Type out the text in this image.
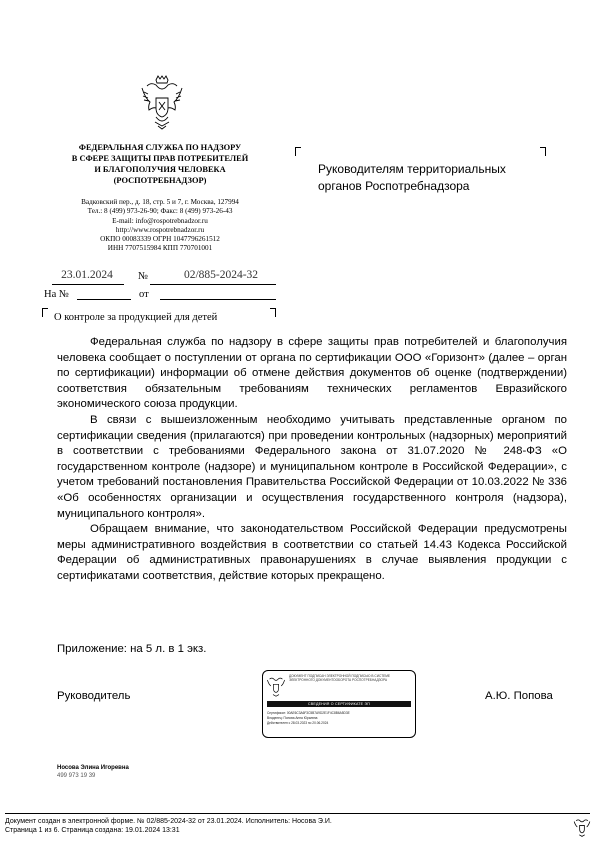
ФЕДЕРАЛЬНАЯ СЛУЖБА ПО НАДЗОРУ
В СФЕРЕ ЗАЩИТЫ ПРАВ ПОТРЕБИТЕЛЕЙ
И БЛАГОПОЛУЧИЯ ЧЕЛОВЕКА
(РОСПОТРЕБНАДЗОР)
Вадковский пер., д. 18, стр. 5 и 7, г. Москва, 127994
Тел.: 8 (499) 973-26-90; Факс: 8 (499) 973-26-43
E-mail: info@rospotrebnadzor.ru
http://www.rospotrebnadzor.ru
ОКПО 00083339 ОГРН 1047796261512
ИНН 7707515984 КПП 770701001
23.01.2024	№	02/885-2024-32
На №	от
О контроле за продукцией для детей
Руководителям территориальных
органов Роспотребнадзора

Федеральная служба по надзору в сфере защиты прав потребителей и благополучия человека сообщает о поступлении от органа по сертификации ООО «Горизонт» (далее – орган по сертификации) информации об отмене действия документов об оценке (подтверждении) соответствия обязательным требованиям технических регламентов Евразийского экономического союза продукции.

В связи с вышеизложенным необходимо учитывать представленные органом по сертификации сведения (прилагаются) при проведении контрольных (надзорных) мероприятий в соответствии с требованиями Федерального закона от 31.07.2020 № 248-ФЗ «О государственном контроле (надзоре) и муниципальном контроле в Российской Федерации», с учетом требований постановления Правительства Российской Федерации от 10.03.2022 № 336 «Об особенностях организации и осуществления государственного контроля (надзора), муниципального контроля».

Обращаем внимание, что законодательством Российской Федерации предусмотрены меры административного воздействия в соответствии со статьей 14.43 Кодекса Российской Федерации об административных правонарушениях в случае выявления продукции с сертификатами соответствия, действие которых прекращено.

Приложение: на 5 л. в 1 экз.
Руководитель	А.Ю. Попова
ДОКУМЕНТ ПОДПИСАН ЭЛЕКТРОННОЙ ПОДПИСЬЮ В СИСТЕМЕ ЭЛЕКТРОННОГО ДОКУМЕНТООБОРОТА РОСПОТРЕБНАДЗОРА
СВЕДЕНИЯ О СЕРТИФИКАТЕ ЭП
Сертификат: 00AE6C3A6F3C5B7A9D2E1F4C8B6A5D3E
Владелец: Попова Анна Юрьевна
Действителен с 28.03.2023 по 20.06.2024
Носова Элина Игоревна
499 973 19 39
Документ создан в электронной форме. № 02/885-2024-32 от 23.01.2024. Исполнитель: Носова Э.И.
Страница 1 из 6. Страница создана: 19.01.2024 13:31
